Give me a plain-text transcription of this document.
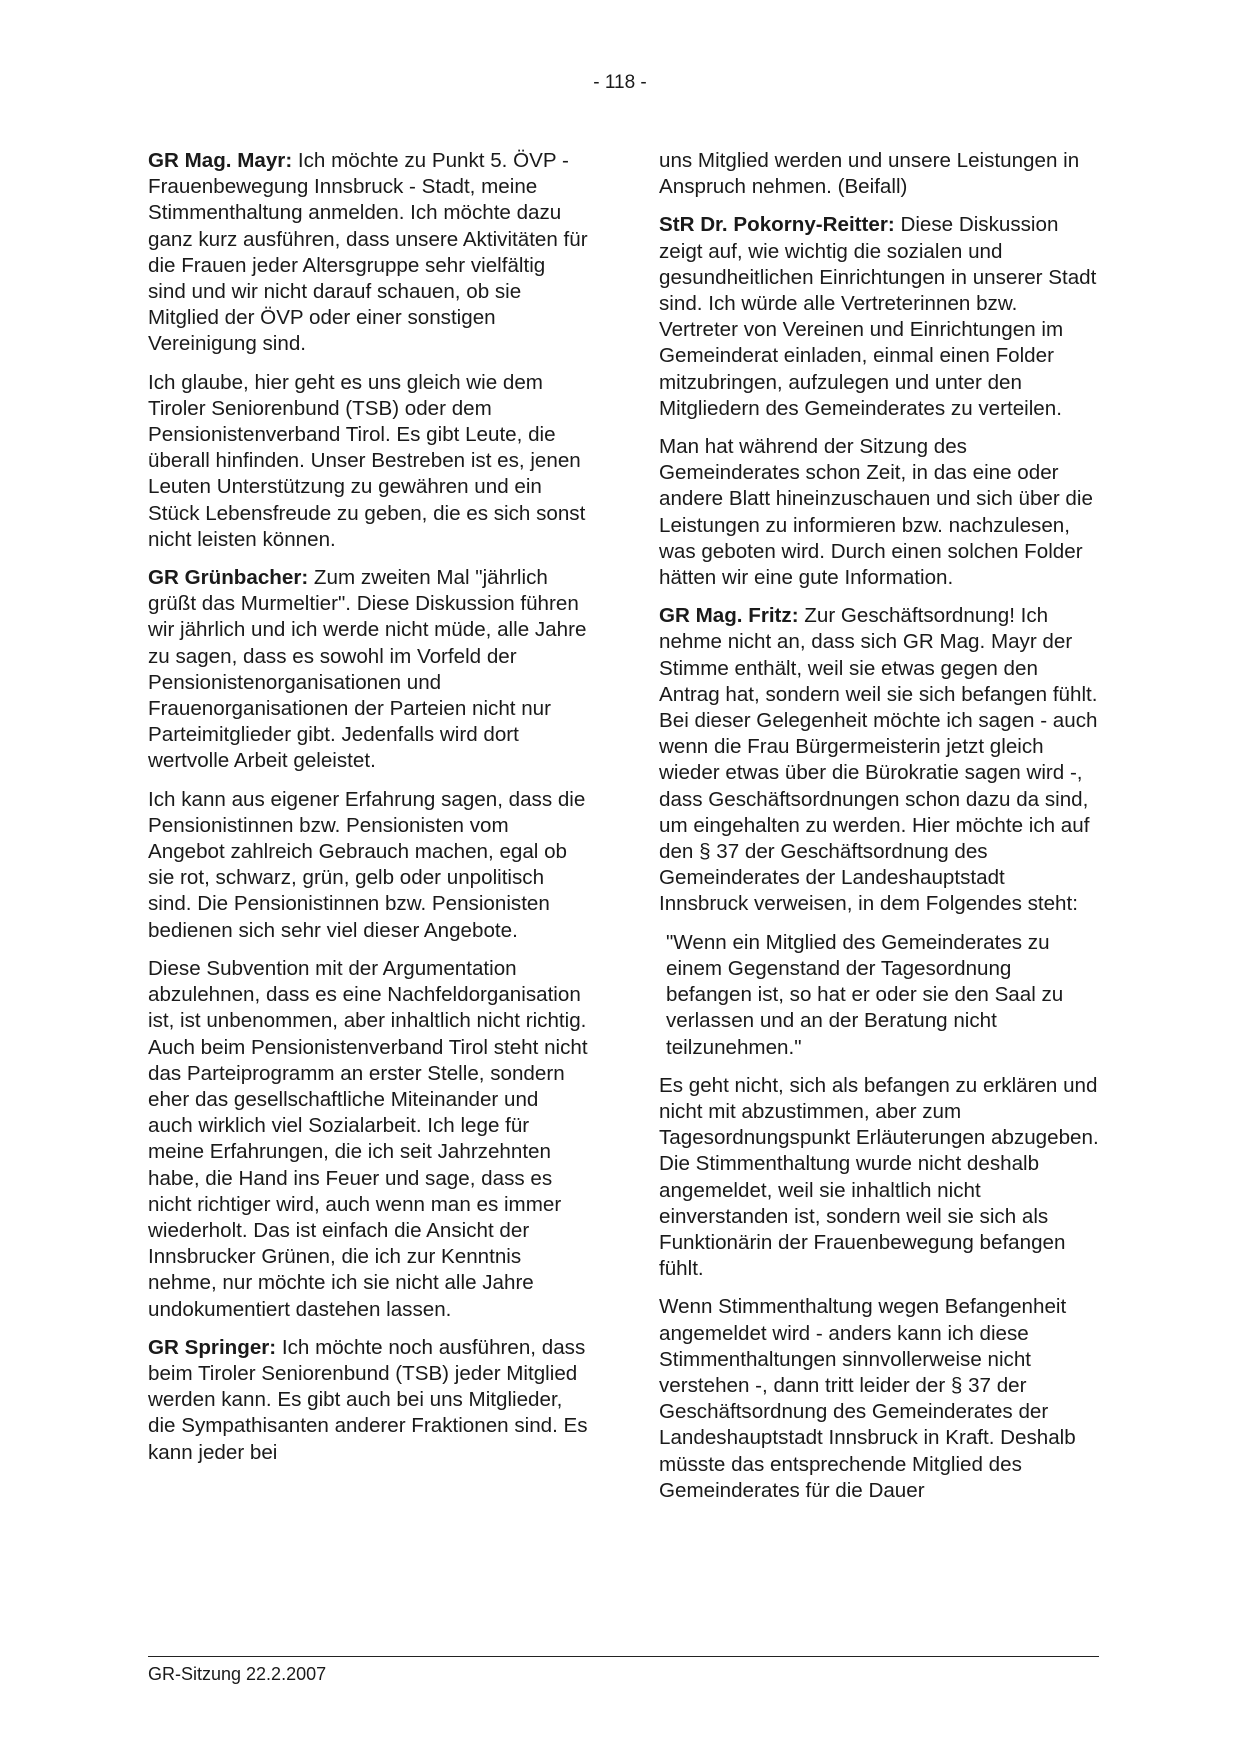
- 118 -

GR Mag. Mayr: Ich möchte zu Punkt 5. ÖVP - Frauenbewegung Innsbruck - Stadt, meine Stimmenthaltung anmelden. Ich möchte dazu ganz kurz ausführen, dass unsere Aktivitäten für die Frauen jeder Altersgruppe sehr vielfältig sind und wir nicht darauf schauen, ob sie Mitglied der ÖVP oder einer sonstigen Vereinigung sind.

Ich glaube, hier geht es uns gleich wie dem Tiroler Seniorenbund (TSB) oder dem Pensionistenverband Tirol. Es gibt Leute, die überall hinfinden. Unser Bestreben ist es, jenen Leuten Unterstützung zu gewähren und ein Stück Lebensfreude zu geben, die es sich sonst nicht leisten können.

GR Grünbacher: Zum zweiten Mal "jährlich grüßt das Murmeltier". Diese Diskussion führen wir jährlich und ich werde nicht müde, alle Jahre zu sagen, dass es sowohl im Vorfeld der Pensionistenorganisationen und Frauenorganisationen der Parteien nicht nur Parteimitglieder gibt. Jedenfalls wird dort wertvolle Arbeit geleistet.

Ich kann aus eigener Erfahrung sagen, dass die Pensionistinnen bzw. Pensionisten vom Angebot zahlreich Gebrauch machen, egal ob sie rot, schwarz, grün, gelb oder unpolitisch sind. Die Pensionistinnen bzw. Pensionisten bedienen sich sehr viel dieser Angebote.

Diese Subvention mit der Argumentation abzulehnen, dass es eine Nachfeldorganisation ist, ist unbenommen, aber inhaltlich nicht richtig. Auch beim Pensionistenverband Tirol steht nicht das Parteiprogramm an erster Stelle, sondern eher das gesellschaftliche Miteinander und auch wirklich viel Sozialarbeit. Ich lege für meine Erfahrungen, die ich seit Jahrzehnten habe, die Hand ins Feuer und sage, dass es nicht richtiger wird, auch wenn man es immer wiederholt. Das ist einfach die Ansicht der Innsbrucker Grünen, die ich zur Kenntnis nehme, nur möchte ich sie nicht alle Jahre undokumentiert dastehen lassen.

GR Springer: Ich möchte noch ausführen, dass beim Tiroler Seniorenbund (TSB) jeder Mitglied werden kann. Es gibt auch bei uns Mitglieder, die Sympathisanten anderer Fraktionen sind. Es kann jeder bei

uns Mitglied werden und unsere Leistungen in Anspruch nehmen. (Beifall)

StR Dr. Pokorny-Reitter: Diese Diskussion zeigt auf, wie wichtig die sozialen und gesundheitlichen Einrichtungen in unserer Stadt sind. Ich würde alle Vertreterinnen bzw. Vertreter von Vereinen und Einrichtungen im Gemeinderat einladen, einmal einen Folder mitzubringen, aufzulegen und unter den Mitgliedern des Gemeinderates zu verteilen.

Man hat während der Sitzung des Gemeinderates schon Zeit, in das eine oder andere Blatt hineinzuschauen und sich über die Leistungen zu informieren bzw. nachzulesen, was geboten wird. Durch einen solchen Folder hätten wir eine gute Information.

GR Mag. Fritz: Zur Geschäftsordnung! Ich nehme nicht an, dass sich GR Mag. Mayr der Stimme enthält, weil sie etwas gegen den Antrag hat, sondern weil sie sich befangen fühlt. Bei dieser Gelegenheit möchte ich sagen - auch wenn die Frau Bürgermeisterin jetzt gleich wieder etwas über die Bürokratie sagen wird -, dass Geschäftsordnungen schon dazu da sind, um eingehalten zu werden. Hier möchte ich auf den § 37 der Geschäftsordnung des Gemeinderates der Landeshauptstadt Innsbruck verweisen, in dem Folgendes steht:

"Wenn ein Mitglied des Gemeinderates zu einem Gegenstand der Tagesordnung befangen ist, so hat er oder sie den Saal zu verlassen und an der Beratung nicht teilzunehmen."

Es geht nicht, sich als befangen zu erklären und nicht mit abzustimmen, aber zum Tagesordnungspunkt Erläuterungen abzugeben. Die Stimmenthaltung wurde nicht deshalb angemeldet, weil sie inhaltlich nicht einverstanden ist, sondern weil sie sich als Funktionärin der Frauenbewegung befangen fühlt.

Wenn Stimmenthaltung wegen Befangenheit angemeldet wird - anders kann ich diese Stimmenthaltungen sinnvollerweise nicht verstehen -, dann tritt leider der § 37 der Geschäftsordnung des Gemeinderates der Landeshauptstadt Innsbruck in Kraft. Deshalb müsste das entsprechende Mitglied des Gemeinderates für die Dauer

GR-Sitzung 22.2.2007
